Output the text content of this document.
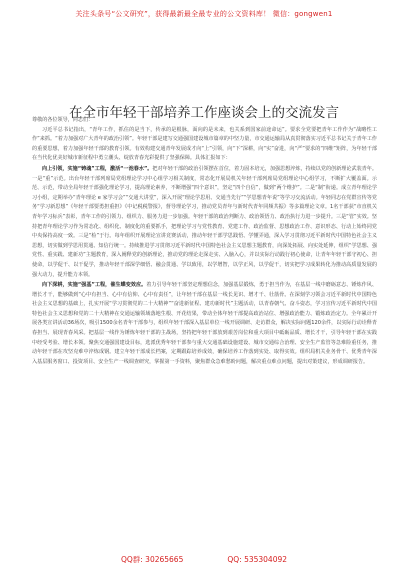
关注头条号“公文研究”，获得最新最全最专业的公文资料库！ 微信：gongwen1
在全市年轻干部培养工作座谈会上的交流发言

尊敬的各位领导，同志们：

习近平总书记指出，“青年工作，抓住的是当下，传承的是根脉，面向的是未来，也关系到国家前途命运”。要求全党要把青年工作作为“战略性工作”来抓。“着力加强对广大青年的政治引领”。年轻干部是建写交通强国建设城市篇章的中坚力量，市交通运输局从真贯彻落实习近平总书记关于青年工作的重要思想，着力加强年轻干部的教育引领。有效构建交通青年发展成才向“上”引领，向“下”深耕，向“实”奋进，向“严”要求的“四维”矩阵，为年轻干部在当代化优美好城市新征程中勇立潮头、绽放青春光彩提供了坚强保障。具体汇报如下：

向上引领，实施“铸魂”工程，激活“一池春水”。把对年轻干部的政治引领摆在首位，着力固本培元，加强思想淬炼，持续以党的创新理论武装青年。一是“重”示范。出台年轻干部列席局党组理论学习中心组学习相关制度，常态化开展局机关年轻干部列席局党组理论中心组学习，不断扩大覆盖面。示范、示范，带动全局年轻干部强化理论学习，提高理论素养，不断增强“四个意识”，坚定“四个自信”，做到“两个维护”。二是“制”衔递。成立青年理论学习小组，定期举办“青年理论 e 家学习会”“交通大讲堂”，深入开展“理论学思用、交通当先行”“学思想青年说”等学习交流活动。年轻同志在党群宣传等党务“学习新思想”《年轻干部要勇担重担》《中记税税警报》，督导理论学习，推动党员青年与新时代青年同频共振》等多篇理论文章。1名干部获“市直机关青年学习标兵”表彰，青年工作的引领力、组织力、服务力进一步加强。年轻干部的政治判断力、政治领悟力、政治执行力进一步提升。三是“管”实效。坚持把青年理论学习作为常态化、组织化、制度化的重要抓手，把理论学习与党性教育、党建工作、政治监督、思想政治工作、意识形态、行动上始终同党中央保持高度一致。三是“检”于行。每年组织开展理论宣讲竞赛活动，推动年轻干部学思践悟、学懂弄通，深入学习贯彻习近平新时代中国特色社会主义思想，切实做到学思用贯通、知信行统一。持续推进学习贯彻习近平新时代中国特色社会主义思想主题教育，向深处拓展、向实处延伸，组织“学思想、强党性、重实践、建新功”主题教育，深入阐释党的创新理论，推动党的理论走深走实、入脑入心，并以实际行动践行初心使命，让青年年轻干部守初心、担使命，以学促干、以干促学，推动年轻干部深学细悟、融会贯通、学以致用，以学增智，以学正风，以学促干，切实把学习成果转化为推动高质量发展的强大动力，提升能力本领。

向下深耕，实施“强基”工程，催生蝶变效应。着力引导年轻干部坚定理想信念，加强基层锻炼，勇于担当作为，在基层一线中磨砺意志、锤炼作风、增长才干，能够做到“心中有担当、心中有信仰、心中有责任”，让年轻干部在基层一线长见识、增才干、壮筋骨。在深刻学习领会习近平新时代中国特色社会主义思想的基础上，扎实开展“学习贯彻党的二十大精神”“奋进新征程、建功新时代”主题活动，以青春朝气、奋斗姿态，学习宣传习近平新时代中国特色社会主义思想和党的二十大精神在交通运输领域落地生根、开花结果，带动全体年轻干部提高政治站位、增强政治能力、锻炼政治定力。全年累计开展各类宣讲活动36场次，吸引1500余名青年干部参与，组织年轻干部深入基层单位一线开展调研、走访群众，解决实际问题120余件，以实际行动诠释青春担当、展现青春风采。把基层一线作为锤炼年轻干部的主战场，坚持把年轻干部放到艰苦岗位和重大项目中砥砺品质、增长才干，引导年轻干部在实践中经受考验、增长本领。聚焦交通强国建设目标，选派优秀年轻干部参与重大交通基础设施建设、城市交通综合治理、安全生产监管等急难险重任务，推动年轻干部在攻坚克难中淬炼成钢。建立年轻干部成长档案，定期跟踪培养成效，确保培养工作落到实处、取得实效。组织局机关业务骨干、优秀青年深入基层服务窗口、投资项目、安全生产一线调查研究，掌握第一手资料，聚焦群众急难愁盼问题，解决重点难点问题，提出对策建议，形成调研报告。

QQ群: 30265665	QQ: 535304092
